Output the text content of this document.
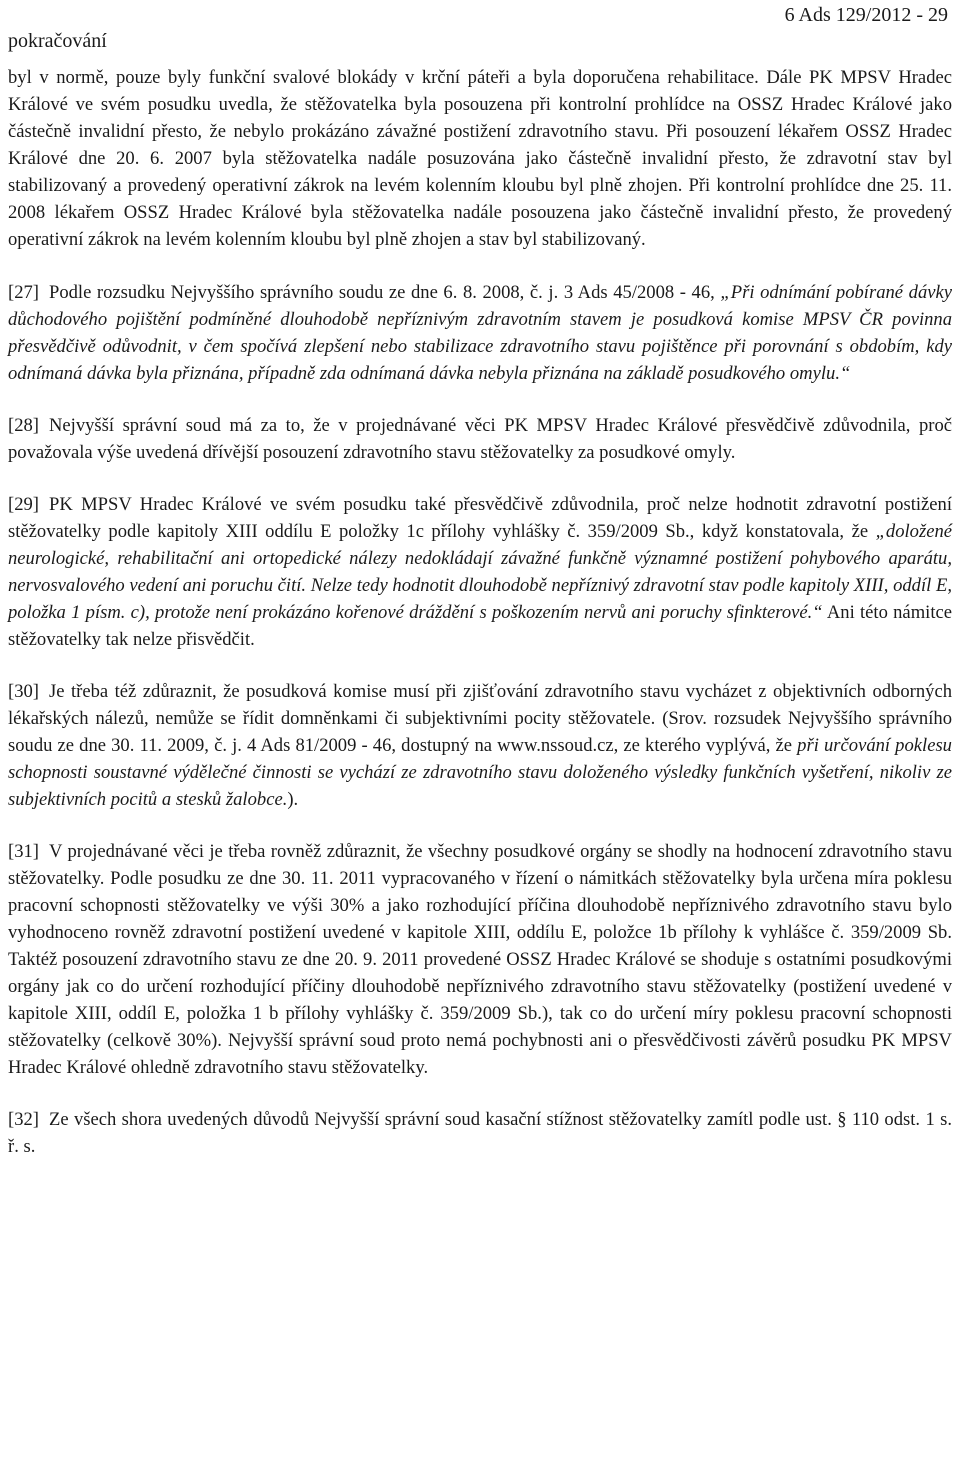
pokračování
6 Ads 129/2012 - 29

byl v normě, pouze byly funkční svalové blokády v krční páteři a byla doporučena rehabilitace. Dále PK MPSV Hradec Králové ve svém posudku uvedla, že stěžovatelka byla posouzena při kontrolní prohlídce na OSSZ Hradec Králové jako částečně invalidní přesto, že nebylo prokázáno závažné postižení zdravotního stavu. Při posouzení lékařem OSSZ Hradec Králové dne 20. 6. 2007 byla stěžovatelka nadále posuzována jako částečně invalidní přesto, že zdravotní stav byl stabilizovaný a provedený operativní zákrok na levém kolenním kloubu byl plně zhojen. Při kontrolní prohlídce dne 25. 11. 2008 lékařem OSSZ Hradec Králové byla stěžovatelka nadále posouzena jako částečně invalidní přesto, že provedený operativní zákrok na levém kolenním kloubu byl plně zhojen a stav byl stabilizovaný.

[27] Podle rozsudku Nejvyššího správního soudu ze dne 6. 8. 2008, č. j. 3 Ads 45/2008 - 46, „Při odnímání pobírané dávky důchodového pojištění podmíněné dlouhodobě nepříznivým zdravotním stavem je posudková komise MPSV ČR povinna přesvědčivě odůvodnit, v čem spočívá zlepšení nebo stabilizace zdravotního stavu pojištěnce při porovnání s obdobím, kdy odnímaná dávka byla přiznána, případně zda odnímaná dávka nebyla přiznána na základě posudkového omylu.“

[28] Nejvyšší správní soud má za to, že v projednávané věci PK MPSV Hradec Králové přesvědčivě zdůvodnila, proč považovala výše uvedená dřívější posouzení zdravotního stavu stěžovatelky za posudkové omyly.

[29] PK MPSV Hradec Králové ve svém posudku také přesvědčivě zdůvodnila, proč nelze hodnotit zdravotní postižení stěžovatelky podle kapitoly XIII oddílu E položky 1c přílohy vyhlášky č. 359/2009 Sb., když konstatovala, že „doložené neurologické, rehabilitační ani ortopedické nálezy nedokládají závažné funkčně významné postižení pohybového aparátu, nervosvalového vedení ani poruchu čití. Nelze tedy hodnotit dlouhodobě nepříznivý zdravotní stav podle kapitoly XIII, oddíl E, položka 1 písm. c), protože není prokázáno kořenové dráždění s poškozením nervů ani poruchy sfinkterové.“ Ani této námitce stěžovatelky tak nelze přisvědčit.

[30] Je třeba též zdůraznit, že posudková komise musí při zjišťování zdravotního stavu vycházet z objektivních odborných lékařských nálezů, nemůže se řídit domněnkami či subjektivními pocity stěžovatele. (Srov. rozsudek Nejvyššího správního soudu ze dne 30. 11. 2009, č. j. 4 Ads 81/2009 - 46, dostupný na www.nssoud.cz, ze kterého vyplývá, že při určování poklesu schopnosti soustavné výdělečné činnosti se vychází ze zdravotního stavu doloženého výsledky funkčních vyšetření, nikoliv ze subjektivních pocitů a stesků žalobce.).

[31] V projednávané věci je třeba rovněž zdůraznit, že všechny posudkové orgány se shodly na hodnocení zdravotního stavu stěžovatelky. Podle posudku ze dne 30. 11. 2011 vypracovaného v řízení o námitkách stěžovatelky byla určena míra poklesu pracovní schopnosti stěžovatelky ve výši 30% a jako rozhodující příčina dlouhodobě nepříznivého zdravotního stavu bylo vyhodnoceno rovněž zdravotní postižení uvedené v kapitole XIII, oddílu E, položce 1b přílohy k vyhlášce č. 359/2009 Sb. Taktéž posouzení zdravotního stavu ze dne 20. 9. 2011 provedené OSSZ Hradec Králové se shoduje s ostatními posudkovými orgány jak co do určení rozhodující příčiny dlouhodobě nepříznivého zdravotního stavu stěžovatelky (postižení uvedené v kapitole XIII, oddíl E, položka 1 b přílohy vyhlášky č. 359/2009 Sb.), tak co do určení míry poklesu pracovní schopnosti stěžovatelky (celkově 30%). Nejvyšší správní soud proto nemá pochybnosti ani o přesvědčivosti závěrů posudku PK MPSV Hradec Králové ohledně zdravotního stavu stěžovatelky.

[32] Ze všech shora uvedených důvodů Nejvyšší správní soud kasační stížnost stěžovatelky zamítl podle ust. § 110 odst. 1 s. ř. s.
